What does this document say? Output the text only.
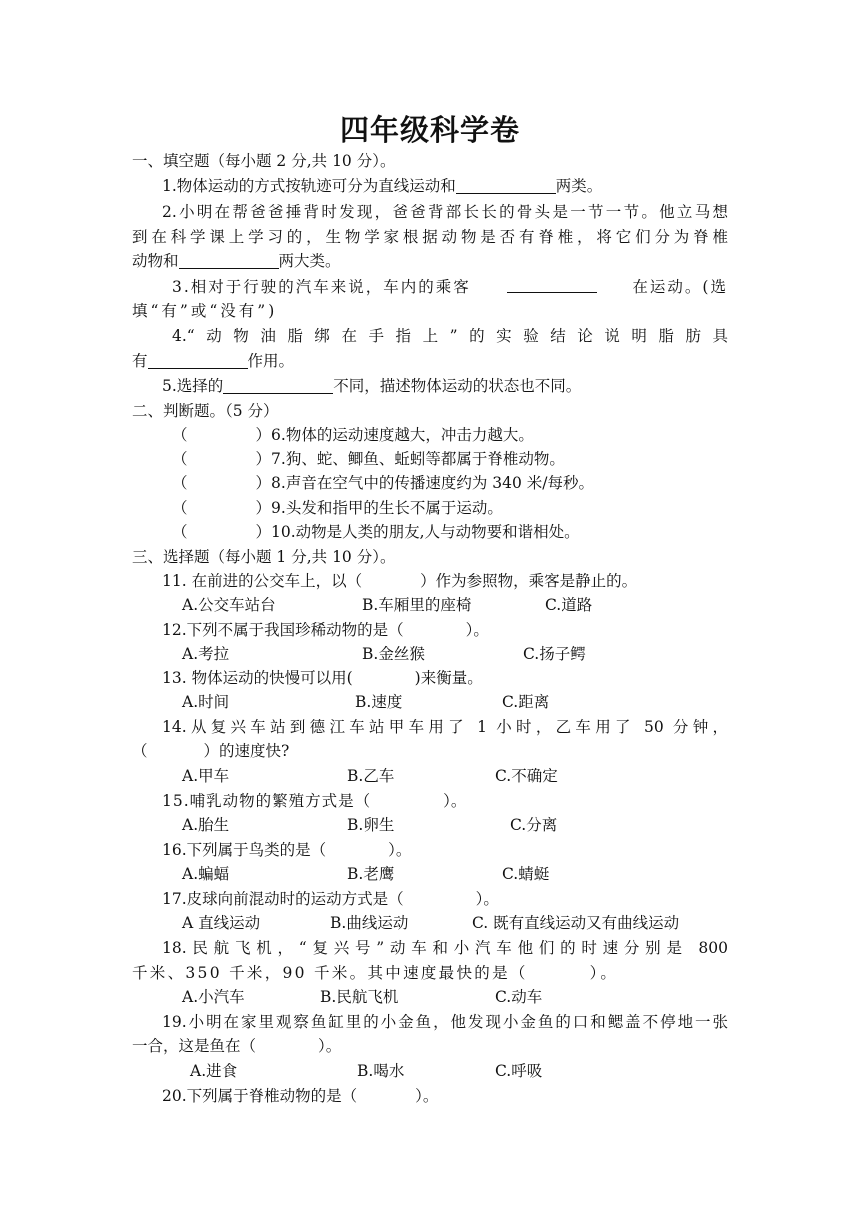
四年级科学卷
一、填空题（每小题 2 分,共 10 分）。
1.物体运动的方式按轨迹可分为直线运动和	两类。
2.小明在帮爸爸捶背时发现，爸爸背部长长的骨头是一节一节。他立马想
到在科学课上学习的，生物学家根据动物是否有脊椎，将它们分为脊椎
动物和	两大类。
3.相对于行驶的汽车来说，车内的乘客	在运动。(选
填“有”或“没有”)
4.“动物油脂绑在手指上”的实验结论说明脂肪具
有	作用。
5.选择的	不同，描述物体运动的状态也不同。
二、判断题。（5 分）
（	）6.物体的运动速度越大，冲击力越大。
（	）7.狗、蛇、鲫鱼、蚯蚓等都属于脊椎动物。
（	）8.声音在空气中的传播速度约为 340 米/每秒。
（	）9.头发和指甲的生长不属于运动。
（	）10.动物是人类的朋友,人与动物要和谐相处。
三、选择题（每小题 1 分,共 10 分）。
11. 在前进的公交车上，以（	）作为参照物，乘客是静止的。
A.公交车站台	B.车厢里的座椅	C.道路
12.下列不属于我国珍稀动物的是（	）。
A.考拉	B.金丝猴	C.扬子鳄
13. 物体运动的快慢可以用(	)来衡量。
A.时间	B.速度	C.距离
14.从复兴车站到德江车站甲车用了 1 小时，乙车用了 50 分钟，
（	）的速度快?
A.甲车	B.乙车	C.不确定
15.哺乳动物的繁殖方式是（	）。
A.胎生	B.卵生	C.分离
16.下列属于鸟类的是（	）。
A.蝙蝠	B.老鹰	C.蜻蜓
17.皮球向前混动时的运动方式是（	）。
A 直线运动	B.曲线运动	C. 既有直线运动又有曲线运动
18.民航飞机，“复兴号”动车和小汽车他们的时速分别是 800
千米、350 千米，90 千米。其中速度最快的是（	）。
A.小汽车	B.民航飞机	C.动车
19.小明在家里观察鱼缸里的小金鱼，他发现小金鱼的口和鳃盖不停地一张
一合，这是鱼在（	）。
A.进食	B.喝水	C.呼吸
20.下列属于脊椎动物的是（	）。
